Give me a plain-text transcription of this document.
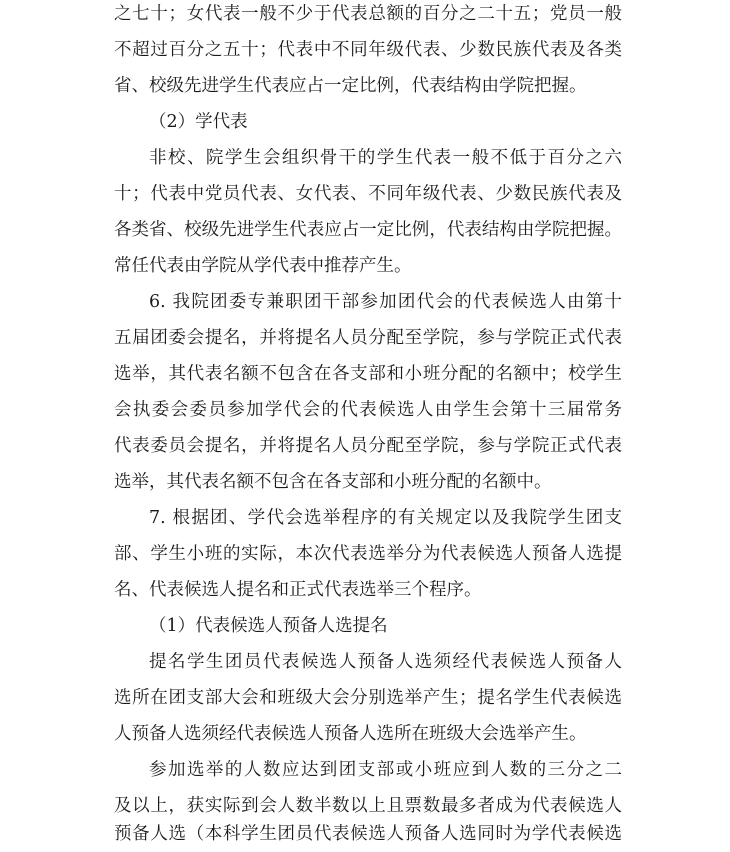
之七十；女代表一般不少于代表总额的百分之二十五；党员一般
不超过百分之五十；代表中不同年级代表、少数民族代表及各类
省、校级先进学生代表应占一定比例，代表结构由学院把握。
（2）学代表
非校、院学生会组织骨干的学生代表一般不低于百分之六
十；代表中党员代表、女代表、不同年级代表、少数民族代表及
各类省、校级先进学生代表应占一定比例，代表结构由学院把握。
常任代表由学院从学代表中推荐产生。
6. 我院团委专兼职团干部参加团代会的代表候选人由第十
五届团委会提名，并将提名人员分配至学院，参与学院正式代表
选举，其代表名额不包含在各支部和小班分配的名额中；校学生
会执委会委员参加学代会的代表候选人由学生会第十三届常务
代表委员会提名，并将提名人员分配至学院，参与学院正式代表
选举，其代表名额不包含在各支部和小班分配的名额中。
7. 根据团、学代会选举程序的有关规定以及我院学生团支
部、学生小班的实际，本次代表选举分为代表候选人预备人选提
名、代表候选人提名和正式代表选举三个程序。
（1）代表候选人预备人选提名
提名学生团员代表候选人预备人选须经代表候选人预备人
选所在团支部大会和班级大会分别选举产生；提名学生代表候选
人预备人选须经代表候选人预备人选所在班级大会选举产生。
参加选举的人数应达到团支部或小班应到人数的三分之二
及以上，获实际到会人数半数以上且票数最多者成为代表候选人
预备人选（本科学生团员代表候选人预备人选同时为学代表候选
